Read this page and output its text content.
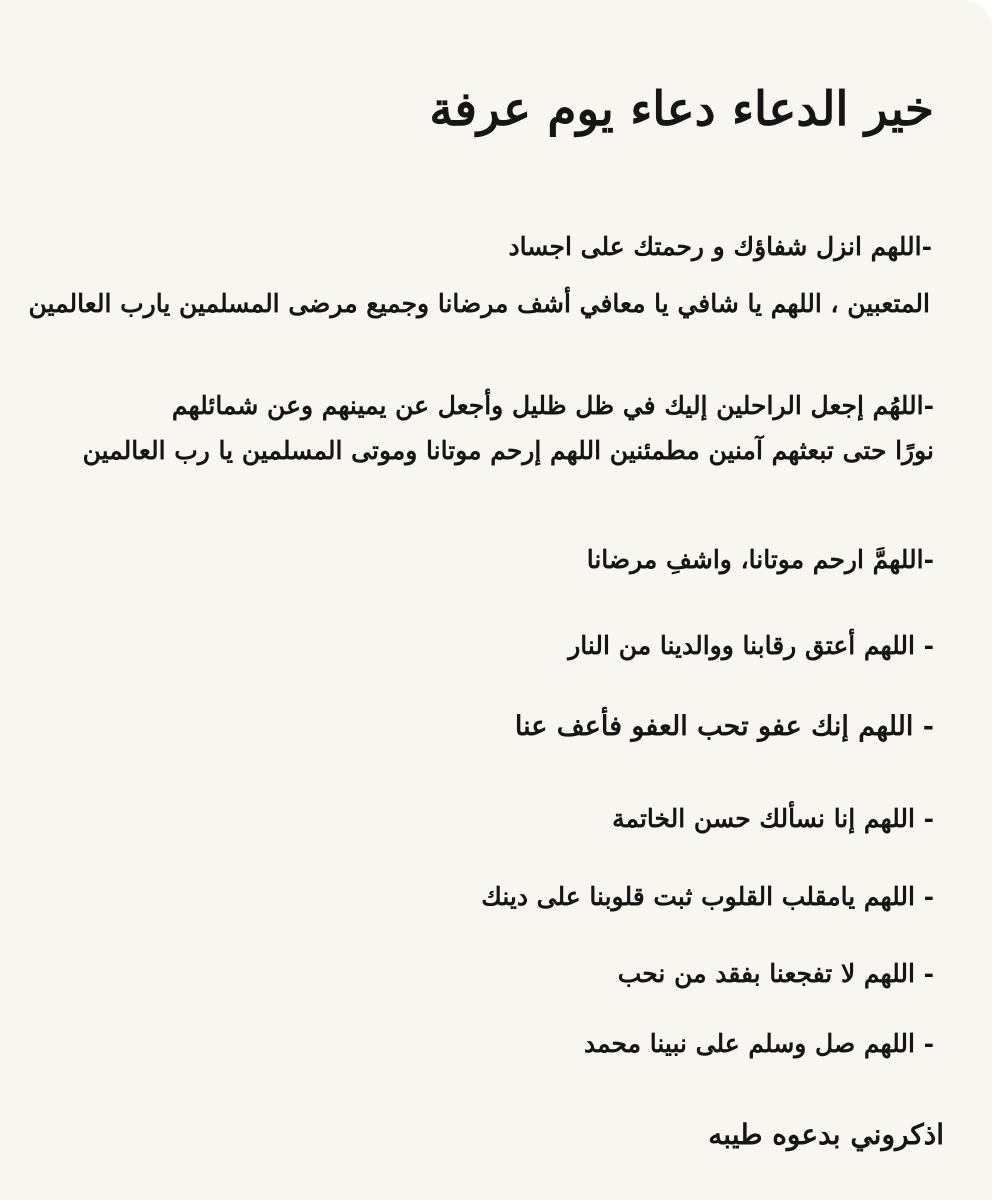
خير الدعاء دعاء يوم عرفة
-اللهم انزل شفاؤك و رحمتك على اجساد
المتعبين ، اللهم يا شافي يا معافي أشف مرضانا وجميع مرضى المسلمين يارب العالمين
-اللهُم إجعل الراحلين إليك في ظل ظليل وأجعل عن يمينهم وعن شمائلهم
نورًا حتى تبعثهم آمنين مطمئنين اللهم إرحم موتانا وموتى المسلمين يا رب العالمين
-اللهمَّ ارحم موتانا، واشفِ مرضانا
- اللهم أعتق رقابنا ووالدينا من النار
- اللهم إنك عفو تحب العفو فأعف عنا
- اللهم إنا نسألك حسن الخاتمة
- اللهم يامقلب القلوب ثبت قلوبنا على دينك
- اللهم لا تفجعنا بفقد من نحب
- اللهم صل وسلم على نبينا محمد
اذكروني بدعوه طيبه
